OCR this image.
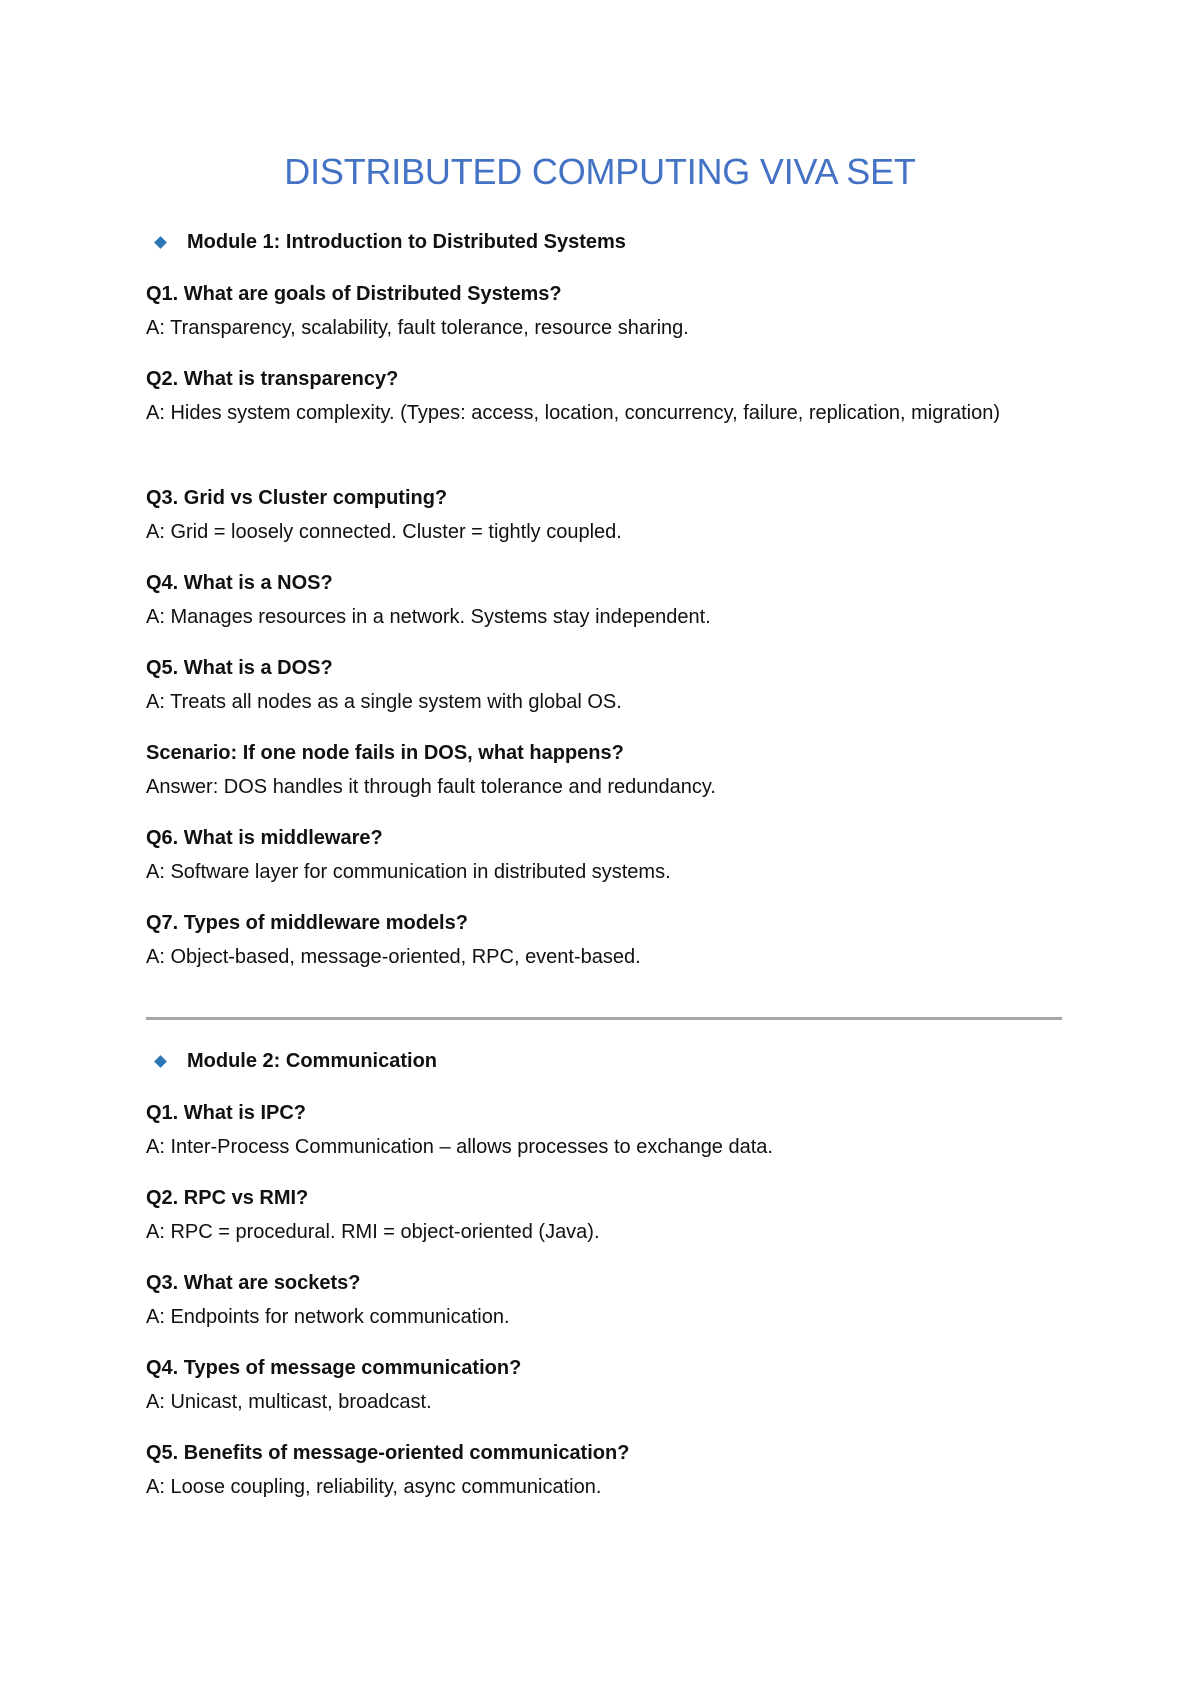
DISTRIBUTED COMPUTING VIVA SET
Module 1: Introduction to Distributed Systems
Q1. What are goals of Distributed Systems?
A: Transparency, scalability, fault tolerance, resource sharing.
Q2. What is transparency?
A: Hides system complexity. (Types: access, location, concurrency, failure, replication, migration)
Q3. Grid vs Cluster computing?
A: Grid = loosely connected. Cluster = tightly coupled.
Q4. What is a NOS?
A: Manages resources in a network. Systems stay independent.
Q5. What is a DOS?
A: Treats all nodes as a single system with global OS.
Scenario: If one node fails in DOS, what happens?
Answer: DOS handles it through fault tolerance and redundancy.
Q6. What is middleware?
A: Software layer for communication in distributed systems.
Q7. Types of middleware models?
A: Object-based, message-oriented, RPC, event-based.
Module 2: Communication
Q1. What is IPC?
A: Inter-Process Communication – allows processes to exchange data.
Q2. RPC vs RMI?
A: RPC = procedural. RMI = object-oriented (Java).
Q3. What are sockets?
A: Endpoints for network communication.
Q4. Types of message communication?
A: Unicast, multicast, broadcast.
Q5. Benefits of message-oriented communication?
A: Loose coupling, reliability, async communication.
